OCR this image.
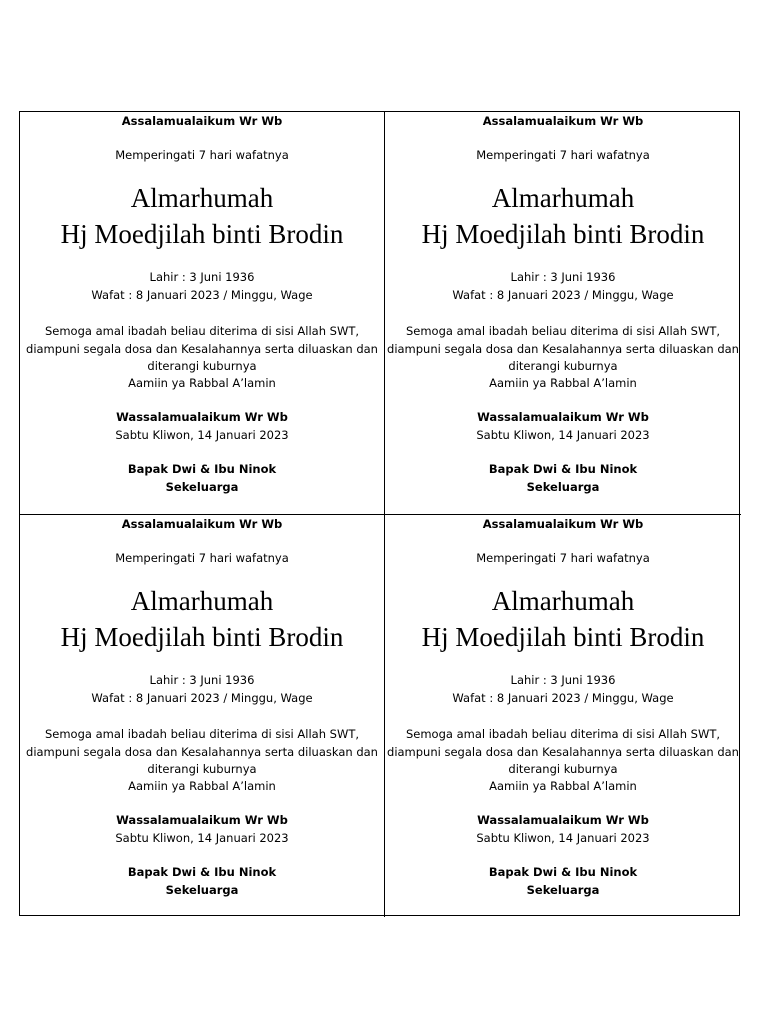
Assalamualaikum Wr Wb
Memperingati 7 hari wafatnya
Almarhumah
Hj Moedjilah binti Brodin
Lahir : 3 Juni 1936
Wafat : 8 Januari 2023 / Minggu, Wage
Semoga amal ibadah beliau diterima di sisi Allah SWT,
diampuni segala dosa dan Kesalahannya serta diluaskan dan
diterangi kuburnya
Aamiin ya Rabbal A’lamin
Wassalamualaikum Wr Wb
Sabtu Kliwon, 14 Januari 2023
Bapak Dwi & Ibu Ninok
Sekeluarga
Assalamualaikum Wr Wb
Memperingati 7 hari wafatnya
Almarhumah
Hj Moedjilah binti Brodin
Lahir : 3 Juni 1936
Wafat : 8 Januari 2023 / Minggu, Wage
Semoga amal ibadah beliau diterima di sisi Allah SWT,
diampuni segala dosa dan Kesalahannya serta diluaskan dan
diterangi kuburnya
Aamiin ya Rabbal A’lamin
Wassalamualaikum Wr Wb
Sabtu Kliwon, 14 Januari 2023
Bapak Dwi & Ibu Ninok
Sekeluarga
Assalamualaikum Wr Wb
Memperingati 7 hari wafatnya
Almarhumah
Hj Moedjilah binti Brodin
Lahir : 3 Juni 1936
Wafat : 8 Januari 2023 / Minggu, Wage
Semoga amal ibadah beliau diterima di sisi Allah SWT,
diampuni segala dosa dan Kesalahannya serta diluaskan dan
diterangi kuburnya
Aamiin ya Rabbal A’lamin
Wassalamualaikum Wr Wb
Sabtu Kliwon, 14 Januari 2023
Bapak Dwi & Ibu Ninok
Sekeluarga
Assalamualaikum Wr Wb
Memperingati 7 hari wafatnya
Almarhumah
Hj Moedjilah binti Brodin
Lahir : 3 Juni 1936
Wafat : 8 Januari 2023 / Minggu, Wage
Semoga amal ibadah beliau diterima di sisi Allah SWT,
diampuni segala dosa dan Kesalahannya serta diluaskan dan
diterangi kuburnya
Aamiin ya Rabbal A’lamin
Wassalamualaikum Wr Wb
Sabtu Kliwon, 14 Januari 2023
Bapak Dwi & Ibu Ninok
Sekeluarga
